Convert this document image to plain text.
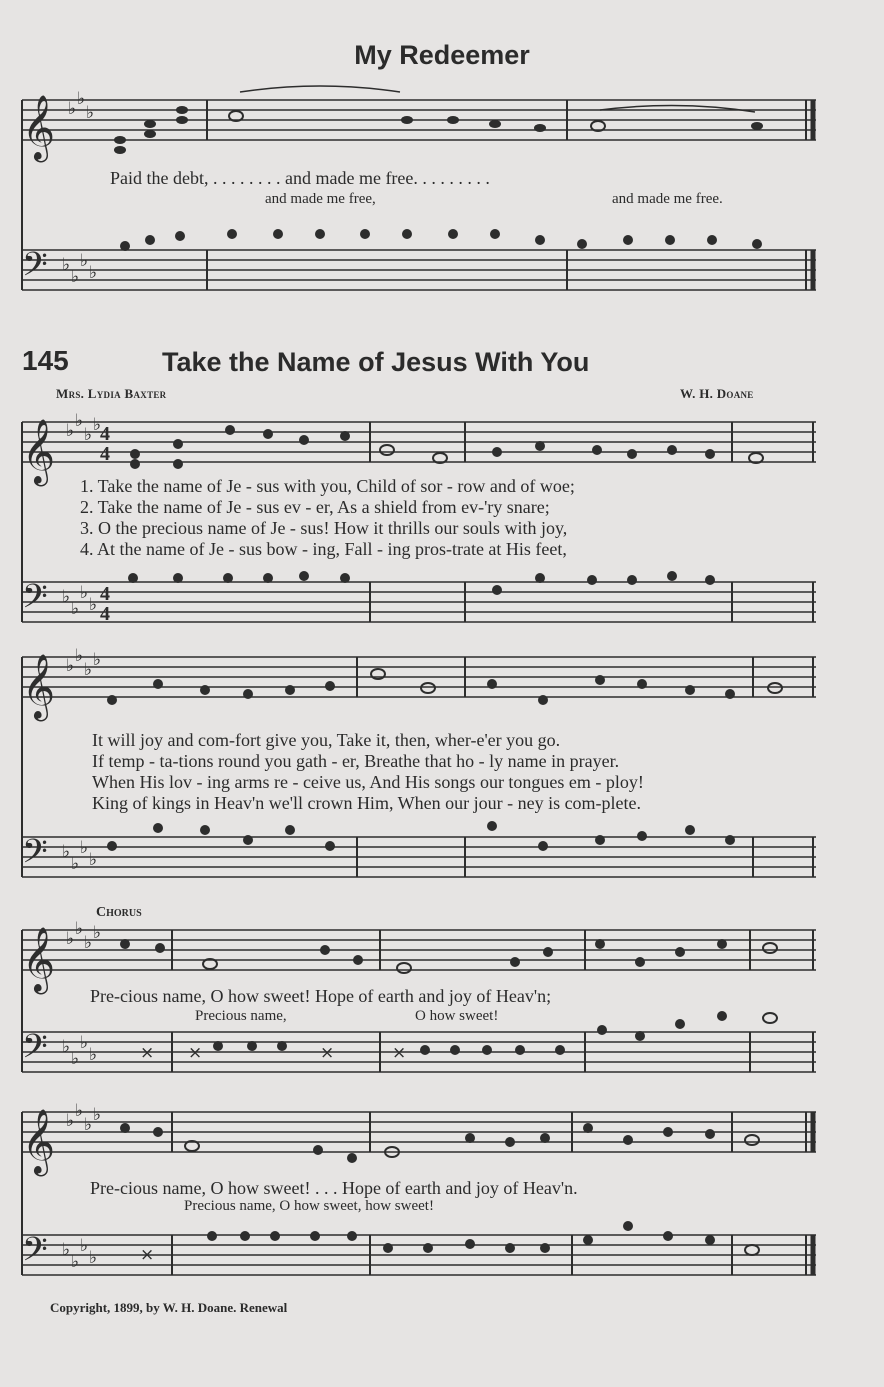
𝄞 ♭ ♭
♭
𝄢 ♭
♭
♭
♭
𝄞 ♭ ♭
♭ ♭
4
4
𝄢 ♭
♭
♭
♭ 4
4
𝄞 ♭ ♭
♭ ♭
𝄢 ♭
♭
♭
♭
𝄞 ♭ ♭
♭ ♭
𝄢 ♭
♭
♭
♭	× ×	×	×
𝄞 ♭ ♭
♭ ♭
𝄢 ♭
♭
♭
♭	×
My Redeemer
Paid the debt, . . . . . . . . and made me free. . . . . . . . .
and made me free,	and made me free.
145	Take the Name of Jesus With You
Mrs. Lydia Baxter	W. H. Doane
1. Take the name of Je - sus with you, Child of sor - row and of woe;
2. Take the name of Je - sus ev - er, As a shield from ev-'ry snare;
3. O the precious name of Je - sus! How it thrills our souls with joy,
4. At the name of Je - sus bow - ing, Fall - ing pros-trate at His feet,
It will joy and com-fort give you, Take it, then, wher-e'er you go.
If temp - ta-tions round you gath - er, Breathe that ho - ly name in prayer.
When His lov - ing arms re - ceive us, And His songs our tongues em - ploy!
King of kings in Heav'n we'll crown Him, When our jour - ney is com-plete.
Chorus
Pre-cious name, O how sweet! Hope of earth and joy of Heav'n;
Precious name,	O how sweet!
Pre-cious name, O how sweet! . . . Hope of earth and joy of Heav'n.
Precious name, O how sweet, how sweet!
Copyright, 1899, by W. H. Doane. Renewal
